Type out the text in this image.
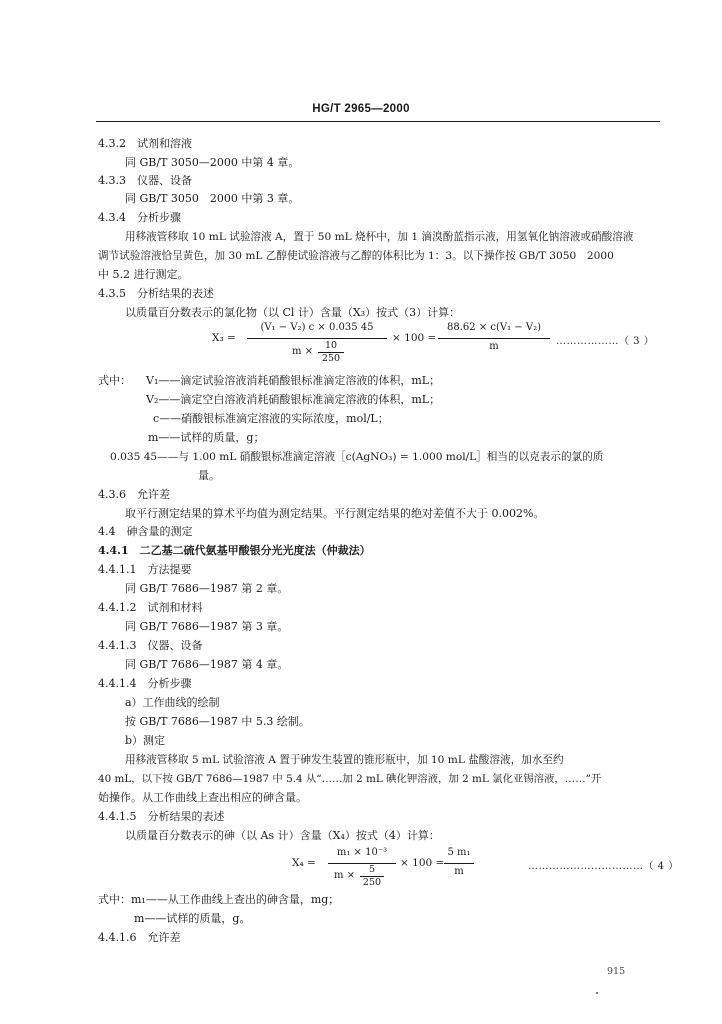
HG/T 2965—2000
4.3.2　试剂和溶液
同 GB/T 3050—2000 中第 4 章。
4.3.3　仪器、设备
同 GB/T 3050　2000 中第 3 章。
4.3.4　分析步骤
用移液管移取 10 mL 试验溶液 A，置于 50 mL 烧杯中，加 1 滴溴酚蓝指示液，用氢氧化钠溶液或硝酸溶液
调节试验溶液恰呈黄色，加 30 mL 乙醇使试验溶液与乙醇的体积比为 1：3。以下操作按 GB/T 3050　2000
中 5.2 进行测定。
4.3.5　分析结果的表述
以质量百分数表示的氯化物（以 Cl 计）含量（X₃）按式（3）计算：
X₃ =
(V₁ − V₂) c × 0.035 45
m ×
10
250
× 100 =
88.62 × c(V₁ − V₂)
m	………………（ 3 ）
式中： V₁——滴定试验溶液消耗硝酸银标准滴定溶液的体积，mL；
V₂——滴定空白溶液消耗硝酸银标准滴定溶液的体积，mL；
c——硝酸银标准滴定溶液的实际浓度，mol/L；
m——试样的质量，g；
0.035 45——与 1.00 mL 硝酸银标准滴定溶液［c(AgNO₃) = 1.000 mol/L］相当的以克表示的氯的质
量。
4.3.6　允许差
取平行测定结果的算术平均值为测定结果。平行测定结果的绝对差值不大于 0.002%。
4.4　砷含量的测定
4.4.1　二乙基二硫代氨基甲酸银分光光度法（仲裁法）
4.4.1.1　方法提要
同 GB/T 7686—1987 第 2 章。
4.4.1.2　试剂和材料
同 GB/T 7686—1987 第 3 章。
4.4.1.3　仪器、设备
同 GB/T 7686—1987 第 4 章。
4.4.1.4　分析步骤
a）工作曲线的绘制
按 GB/T 7686—1987 中 5.3 绘制。
b）测定
用移液管移取 5 mL 试验溶液 A 置于砷发生装置的锥形瓶中，加 10 mL 盐酸溶液，加水至约
40 mL，以下按 GB/T 7686—1987 中 5.4 从“……加 2 mL 碘化钾溶液，加 2 mL 氯化亚锡溶液，……”开
始操作。从工作曲线上查出相应的砷含量。
4.4.1.5　分析结果的表述
以质量百分数表示的砷（以 As 计）含量（X₄）按式（4）计算：
X₄ =
m₁ × 10⁻³
m ×
5
250
× 100 =
5 m₁
m	……………………………（ 4 ）
式中：m₁——从工作曲线上查出的砷含量，mg；
m——试样的质量，g。
4.4.1.6　允许差
915
